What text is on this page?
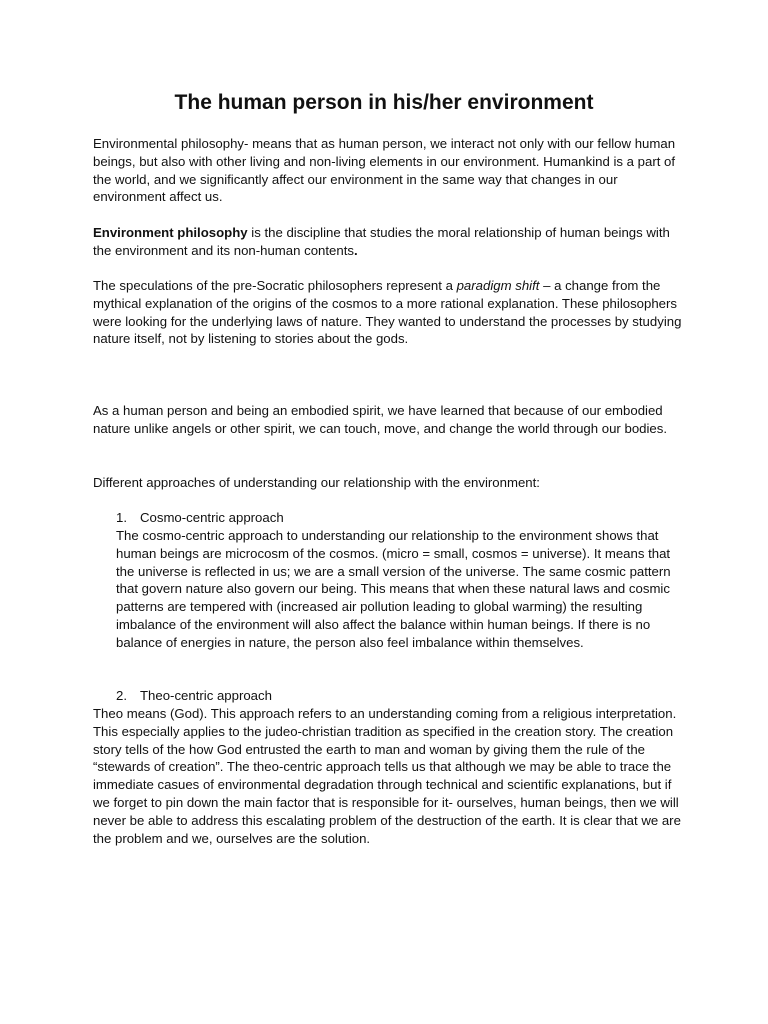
The human person in his/her environment

Environmental philosophy- means that as human person, we interact not only with our fellow human beings, but also with other living and non-living elements in our environment. Humankind is a part of the world, and we significantly affect our environment in the same way that changes in our environment affect us.

Environment philosophy is the discipline that studies the moral relationship of human beings with the environment and its non-human contents.

The speculations of the pre-Socratic philosophers represent a paradigm shift – a change from the mythical explanation of the origins of the cosmos to a more rational explanation. These philosophers were looking for the underlying laws of nature. They wanted to understand the processes by studying nature itself, not by listening to stories about the gods.

As a human person and being an embodied spirit, we have learned that because of our embodied nature unlike angels or other spirit, we can touch, move, and change the world through our bodies.

Different approaches of understanding our relationship with the environment:

1. Cosmo-centric approach

The cosmo-centric approach to understanding our relationship to the environment shows that human beings are microcosm of the cosmos. (micro = small, cosmos = universe). It means that the universe is reflected in us; we are a small version of the universe. The same cosmic pattern that govern nature also govern our being. This means that when these natural laws and cosmic patterns are tempered with (increased air pollution leading to global warming) the resulting imbalance of the environment will also affect the balance within human beings. If there is no balance of energies in nature, the person also feel imbalance within themselves.

2. Theo-centric approach

Theo means (God). This approach refers to an understanding coming from a religious interpretation. This especially applies to the judeo-christian tradition as specified in the creation story. The creation story tells of the how God entrusted the earth to man and woman by giving them the rule of the “stewards of creation”. The theo-centric approach tells us that although we may be able to trace the immediate casues of environmental degradation through technical and scientific explanations, but if we forget to pin down the main factor that is responsible for it- ourselves, human beings, then we will never be able to address this escalating problem of the destruction of the earth. It is clear that we are the problem and we, ourselves are the solution.
